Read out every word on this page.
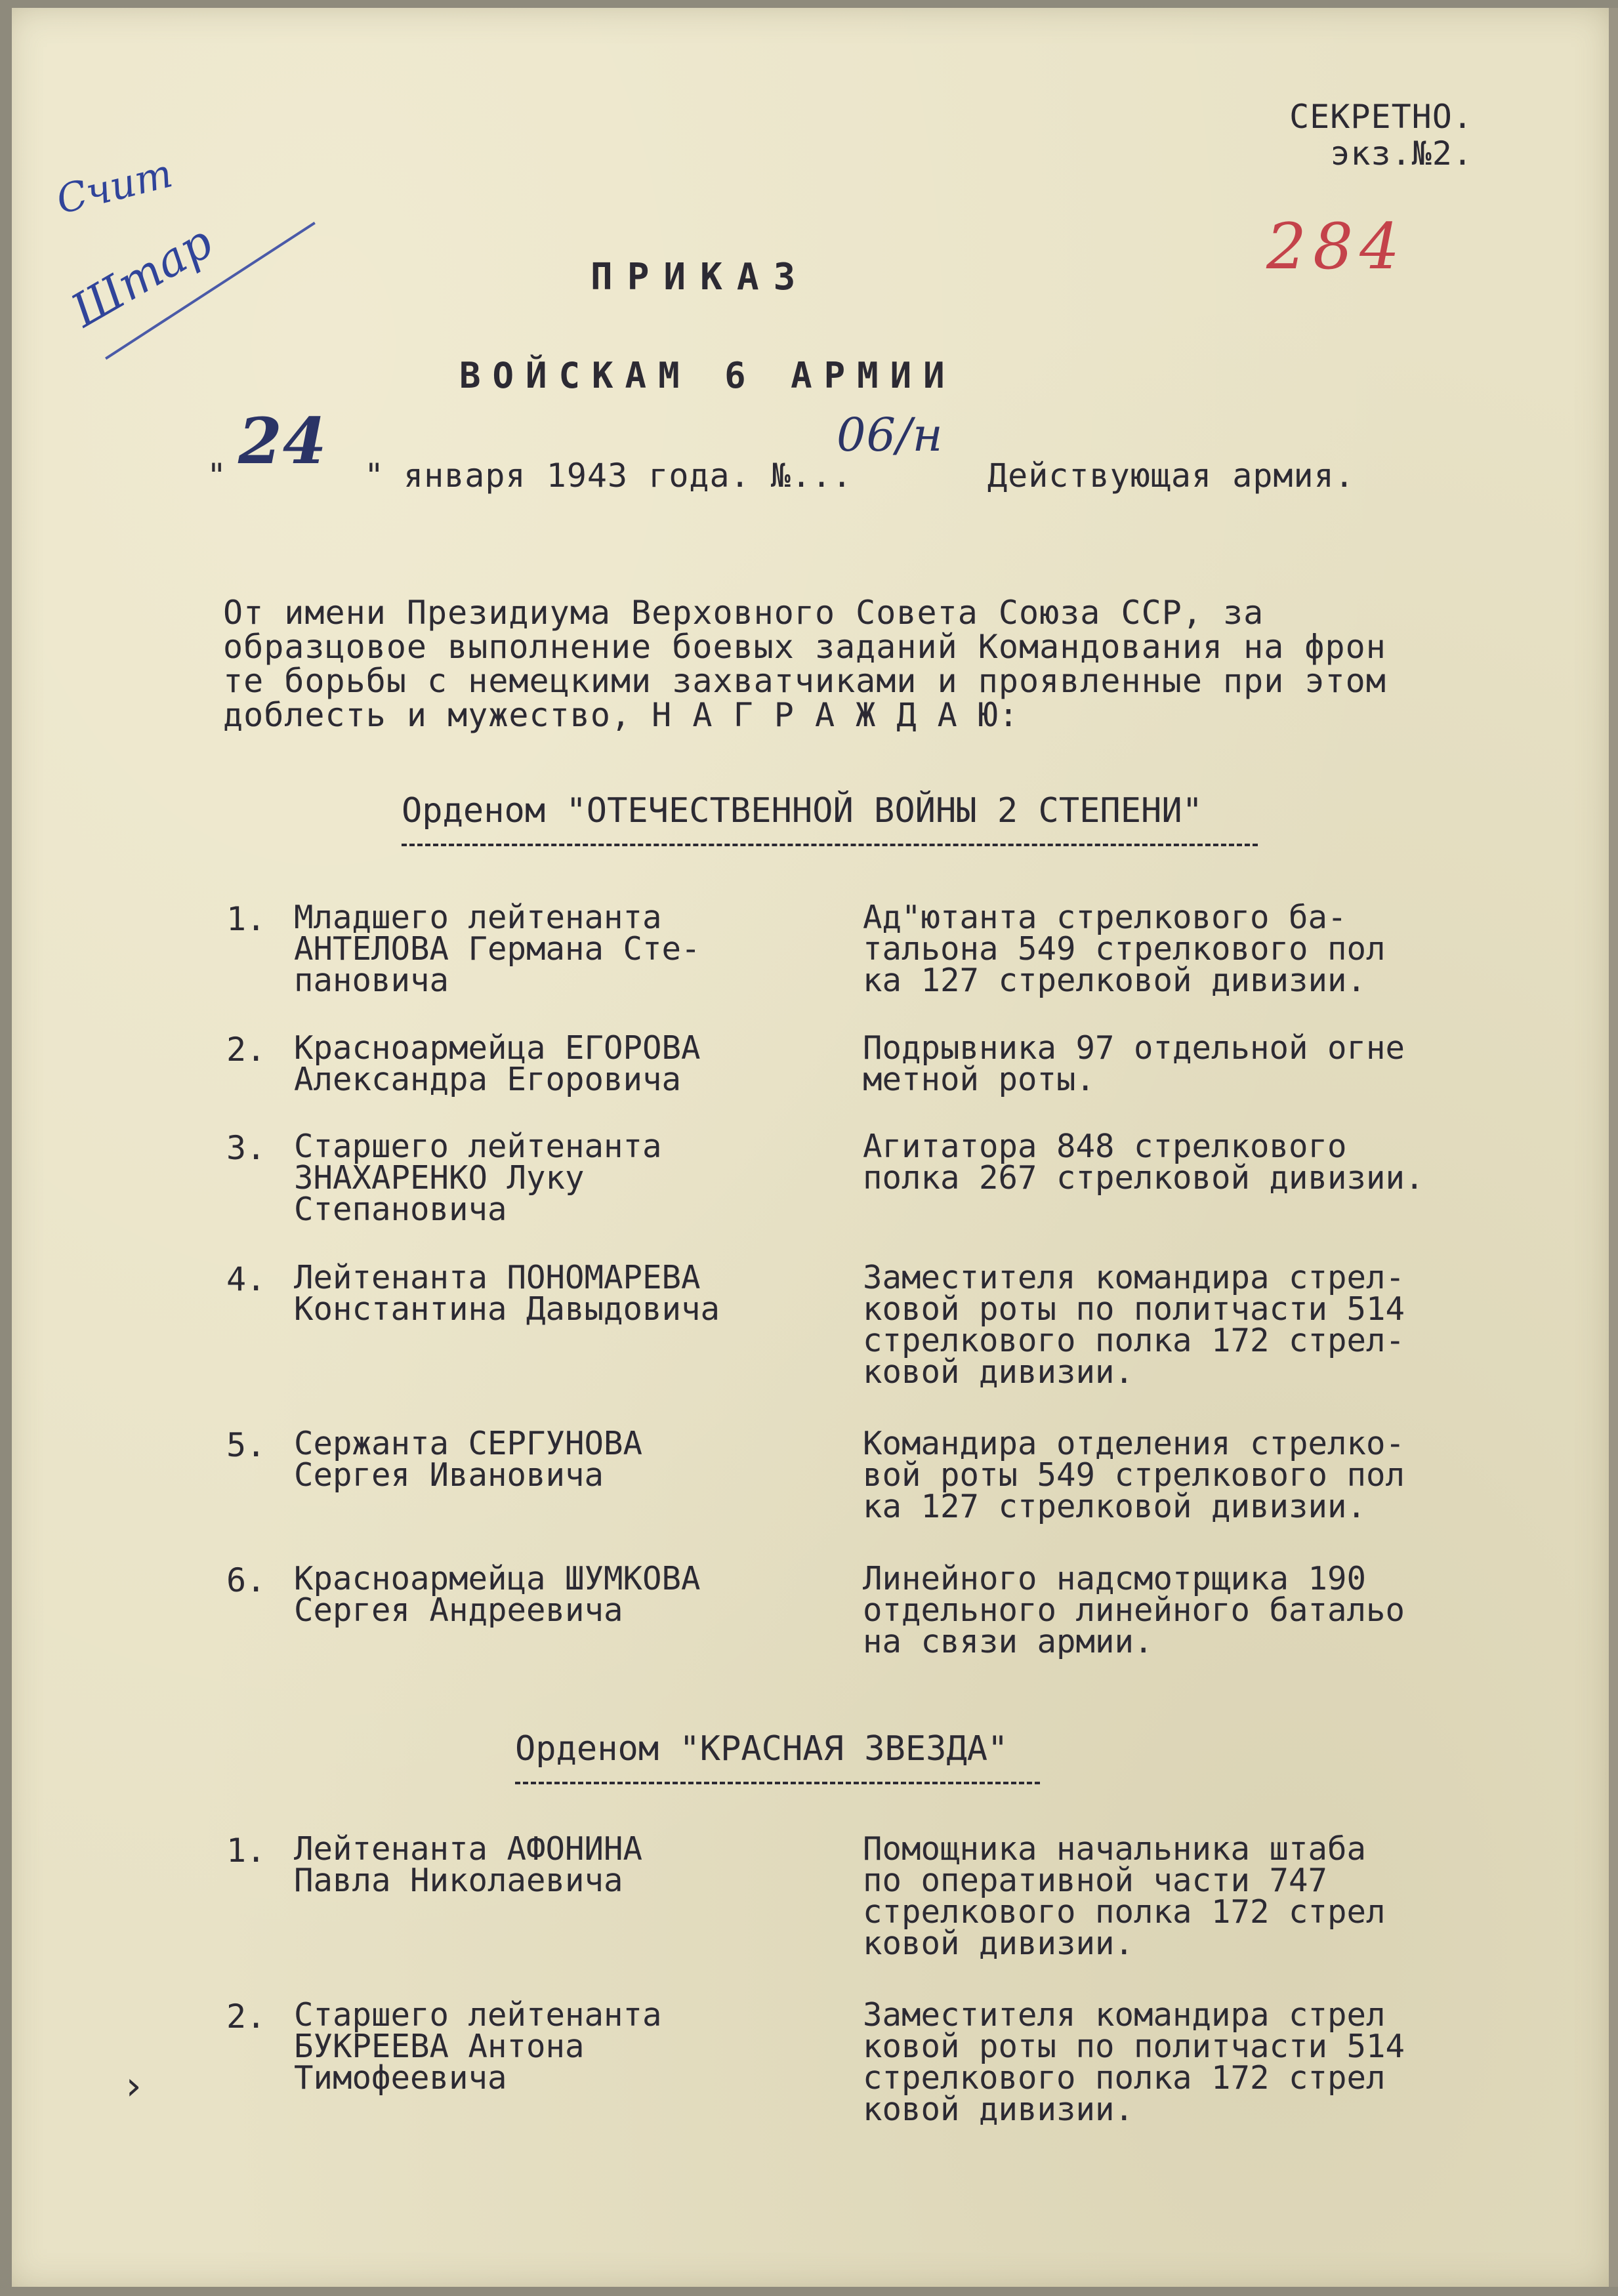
Счит
Штар	284
СЕКРЕТНО.
экз.№2.
ПРИКАЗ
ВОЙСКАМ 6 АРМИИ
" 24 " января 1943 года. №...
06/н
Действующая армия.
От имени Президиума Верховного Совета Союза ССР, за
образцовое выполнение боевых заданий Командования на фрон
те борьбы с немецкими захватчиками и проявленные при этом
доблесть и мужество, Н А Г Р А Ж Д А Ю:
Орденом "ОТЕЧЕСТВЕННОЙ ВОЙНЫ 2 СТЕПЕНИ"
1. Младшего лейтенанта
АНТЕЛОВА Германа Сте-
пановича
Ад"ютанта стрелкового ба-
тальона 549 стрелкового пол
ка 127 стрелковой дивизии.
2. Красноармейца ЕГОРОВА
Александра Егоровича
Подрывника 97 отдельной огне
метной роты.
3. Старшего лейтенанта
ЗНАХАРЕНКО Луку
Степановича
Агитатора 848 стрелкового
полка 267 стрелковой дивизии.
4. Лейтенанта ПОНОМАРЕВА
Константина Давыдовича
Заместителя командира стрел-
ковой роты по политчасти 514
стрелкового полка 172 стрел-
ковой дивизии.
5. Сержанта СЕРГУНОВА
Сергея Ивановича
Командира отделения стрелко-
вой роты 549 стрелкового пол
ка 127 стрелковой дивизии.
6. Красноармейца ШУМКОВА
Сергея Андреевича
Линейного надсмотрщика 190
отдельного линейного батальо
на связи армии.
Орденом "КРАСНАЯ ЗВЕЗДА"
1. Лейтенанта АФОНИНА
Павла Николаевича
Помощника начальника штаба
по оперативной части 747
стрелкового полка 172 стрел
ковой дивизии.
2. Старшего лейтенанта
БУКРЕЕВА Антона
Тимофеевича
Заместителя командира стрел
ковой роты по политчасти 514
стрелкового полка 172 стрел
ковой дивизии.
›
